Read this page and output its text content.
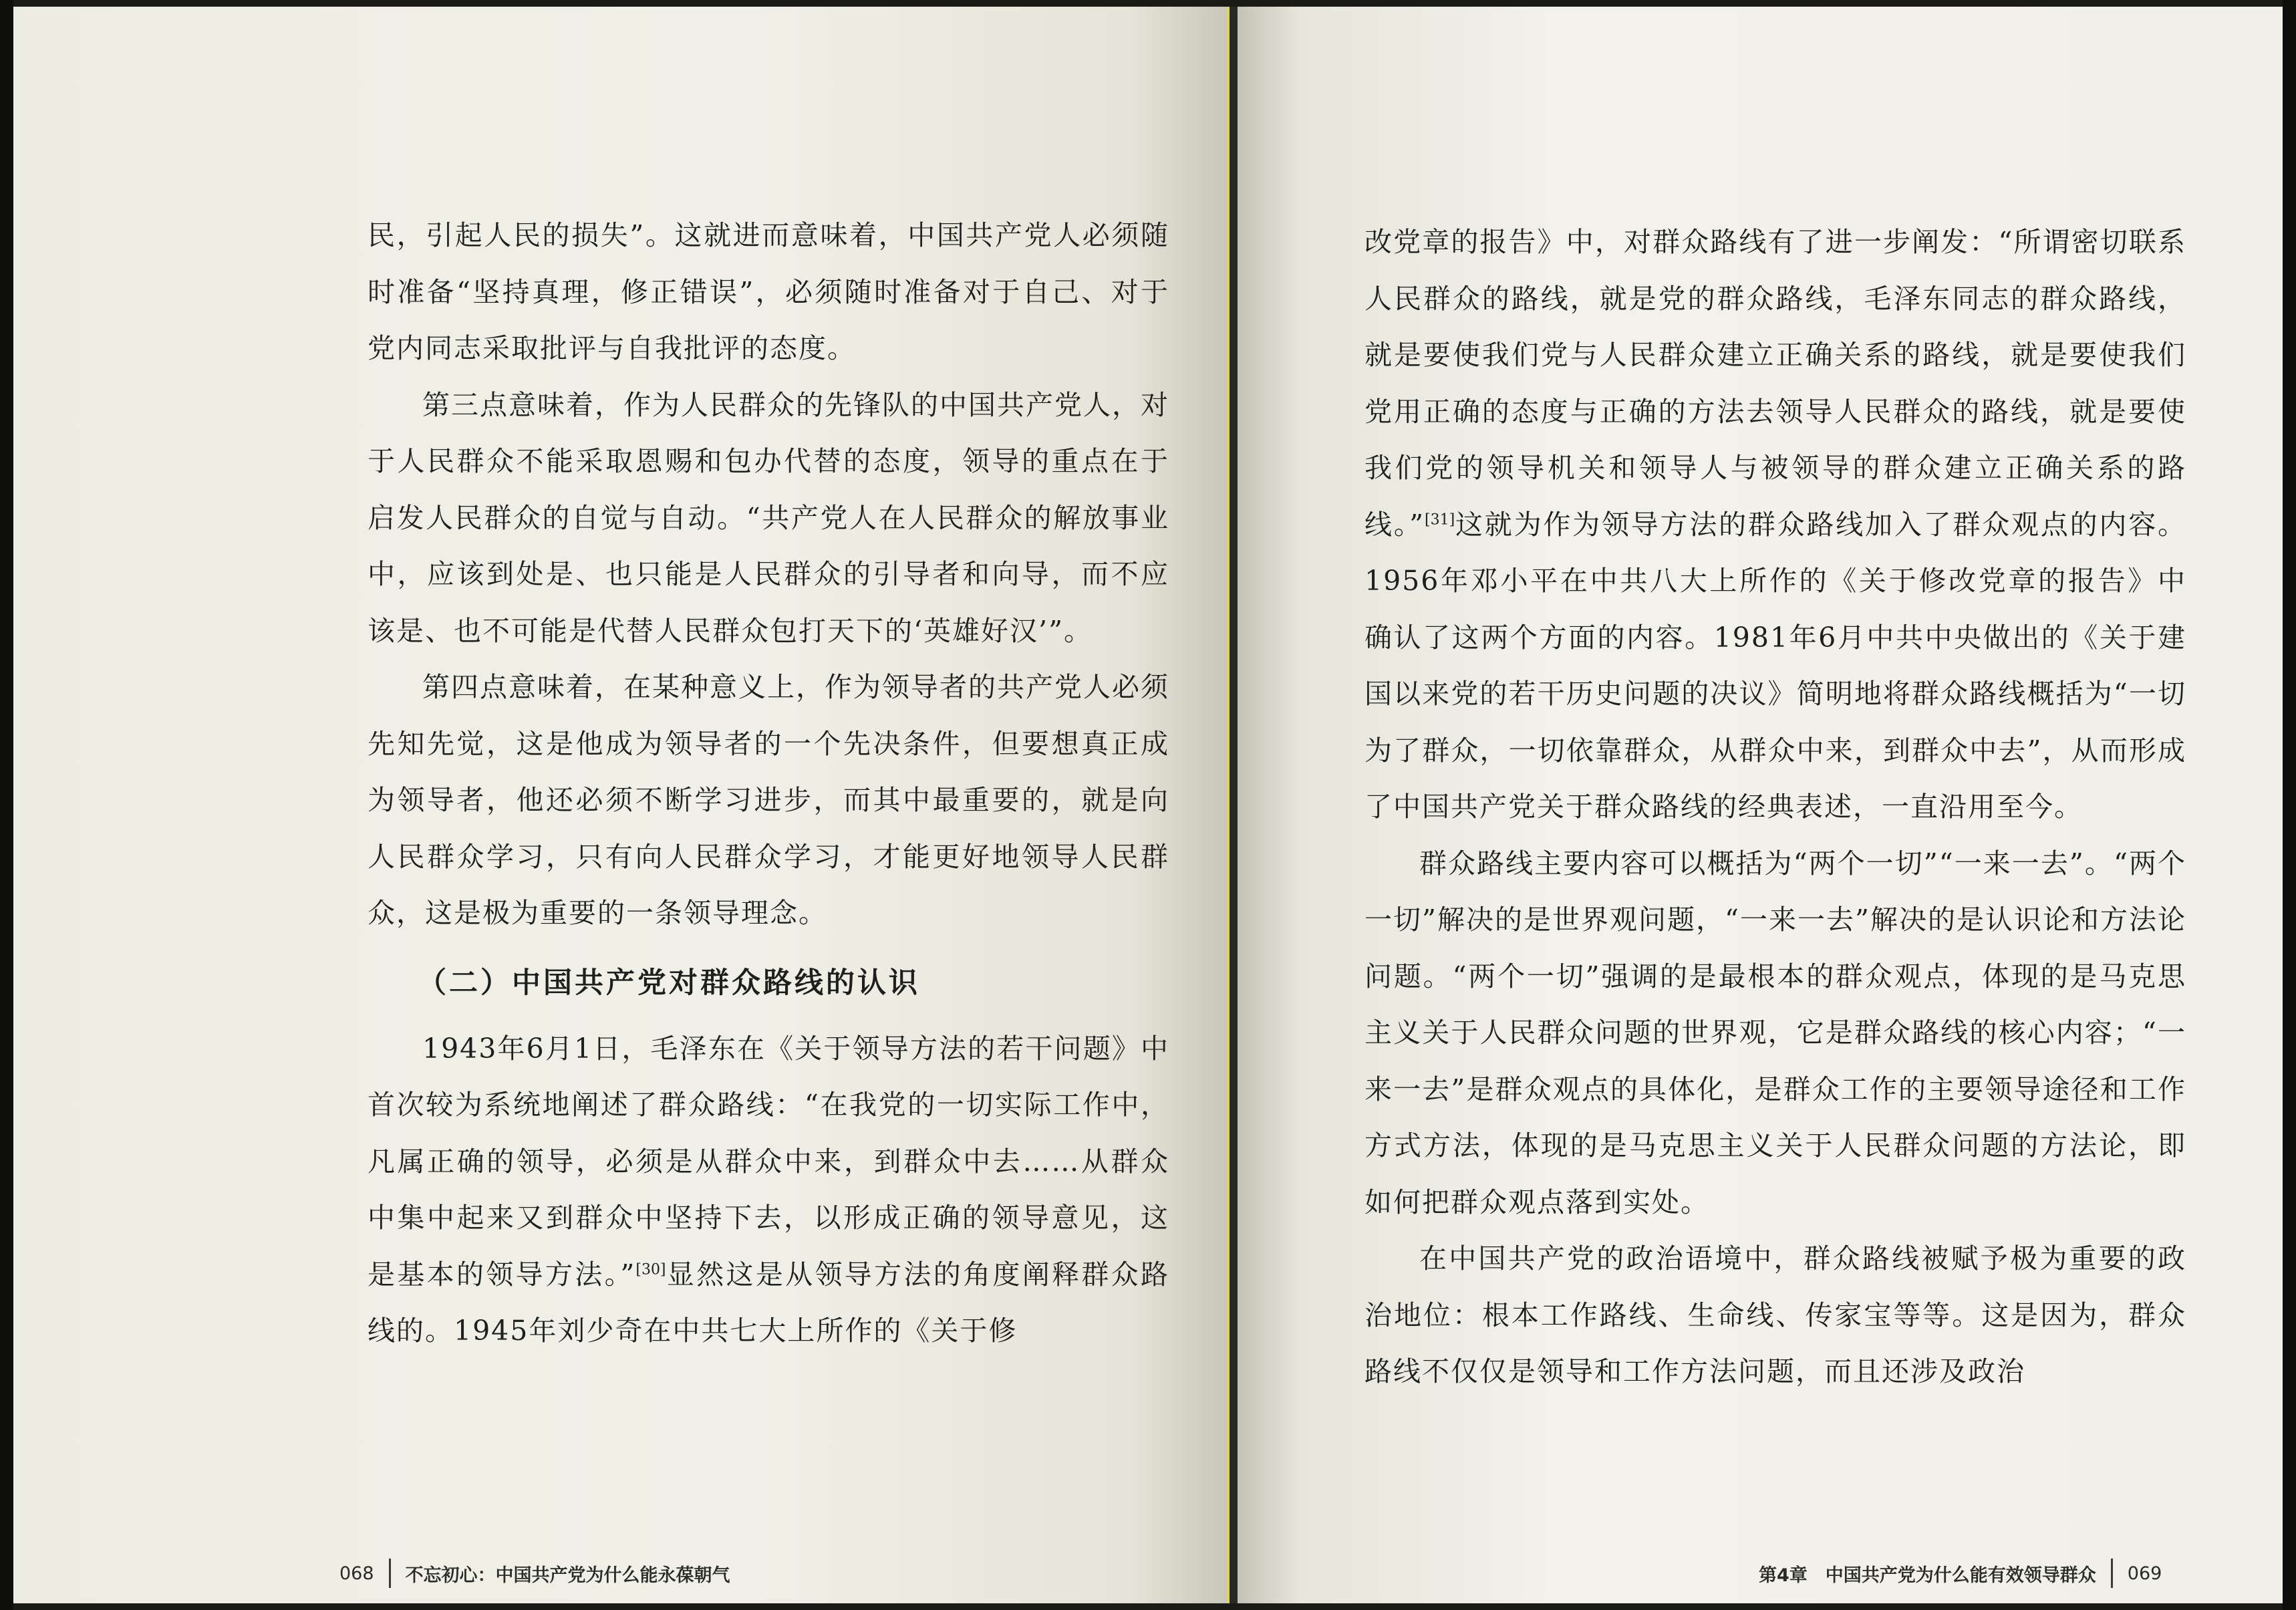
民，引起人民的损失”。这就进而意味着，中国共产党人必须随时准备“坚持真理，修正错误”，必须随时准备对于自己、对于党内同志采取批评与自我批评的态度。

第三点意味着，作为人民群众的先锋队的中国共产党人，对于人民群众不能采取恩赐和包办代替的态度，领导的重点在于启发人民群众的自觉与自动。“共产党人在人民群众的解放事业中，应该到处是、也只能是人民群众的引导者和向导，而不应该是、也不可能是代替人民群众包打天下的‘英雄好汉’”。

第四点意味着，在某种意义上，作为领导者的共产党人必须先知先觉，这是他成为领导者的一个先决条件，但要想真正成为领导者，他还必须不断学习进步，而其中最重要的，就是向人民群众学习，只有向人民群众学习，才能更好地领导人民群众，这是极为重要的一条领导理念。

（二）中国共产党对群众路线的认识

1943年6月1日，毛泽东在《关于领导方法的若干问题》中首次较为系统地阐述了群众路线：“在我党的一切实际工作中，凡属正确的领导，必须是从群众中来，到群众中去……从群众中集中起来又到群众中坚持下去，以形成正确的领导意见，这是基本的领导方法。”[30]显然这是从领导方法的角度阐释群众路线的。1945年刘少奇在中共七大上所作的《关于修

068 不忘初心：中国共产党为什么能永葆朝气

改党章的报告》中，对群众路线有了进一步阐发：“所谓密切联系人民群众的路线，就是党的群众路线，毛泽东同志的群众路线，就是要使我们党与人民群众建立正确关系的路线，就是要使我们党用正确的态度与正确的方法去领导人民群众的路线，就是要使我们党的领导机关和领导人与被领导的群众建立正确关系的路线。”[31]这就为作为领导方法的群众路线加入了群众观点的内容。1956年邓小平在中共八大上所作的《关于修改党章的报告》中确认了这两个方面的内容。1981年6月中共中央做出的《关于建国以来党的若干历史问题的决议》简明地将群众路线概括为“一切为了群众，一切依靠群众，从群众中来，到群众中去”，从而形成了中国共产党关于群众路线的经典表述，一直沿用至今。

群众路线主要内容可以概括为“两个一切”“一来一去”。“两个一切”解决的是世界观问题，“一来一去”解决的是认识论和方法论问题。“两个一切”强调的是最根本的群众观点，体现的是马克思主义关于人民群众问题的世界观，它是群众路线的核心内容；“一来一去”是群众观点的具体化，是群众工作的主要领导途径和工作方式方法，体现的是马克思主义关于人民群众问题的方法论，即如何把群众观点落到实处。

在中国共产党的政治语境中，群众路线被赋予极为重要的政治地位：根本工作路线、生命线、传家宝等等。这是因为，群众路线不仅仅是领导和工作方法问题，而且还涉及政治

第4章　中国共产党为什么能有效领导群众 069
